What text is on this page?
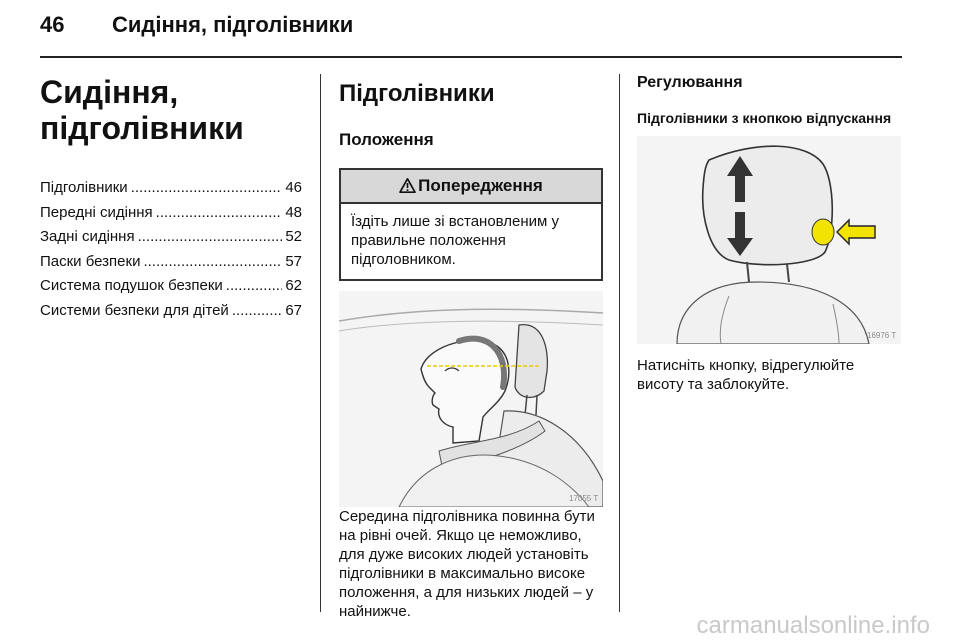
46 Сидіння, підголівники
Сидіння,
підголівники
Підголівники .....	46
Передні сидіння .....	48
Задні сидіння .....	52
Паски безпеки .....	57
Система подушок безпеки .....	62
Системи безпеки для дітей .....	67
Підголівники
Положення
Попередження
Їздіть лише зі встановленим у правильне положення підголовником.
17055 T

Середина підголівника повинна бути на рівні очей. Якщо це неможливо, для дуже високих людей установіть підголівники в максимально високе положення, а для низьких людей – у найнижче.

Регулювання
Підголівники з кнопкою відпускання
16976 T

Натисніть кнопку, відрегулюйте висоту та заблокуйте.

carmanualsonline.info
